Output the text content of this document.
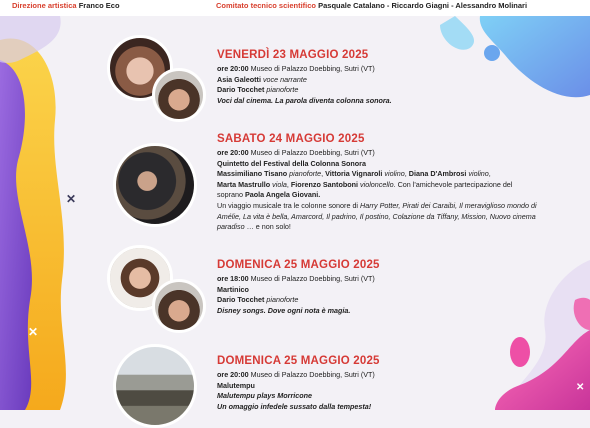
✕
✕
✕
Direzione artistica Franco Eco	Comitato tecnico scientifico Pasquale Catalano - Riccardo Giagni - Alessandro Molinari
VENERDÌ 23 MAGGIO 2025
ore 20:00 Museo di Palazzo Doebbing, Sutri (VT)
Asia Galeotti voce narrante
Dario Tocchet pianoforte
Voci dal cinema. La parola diventa colonna sonora.
SABATO 24 MAGGIO 2025
ore 20:00 Museo di Palazzo Doebbing, Sutri (VT)
Quintetto del Festival della Colonna Sonora
Massimiliano Tisano pianoforte, Vittoria Vignaroli violino, Diana D'Ambrosi violino,
Marta Mastrullo viola, Fiorenzo Santoboni violoncello. Con l'amichevole partecipazione del
soprano Paola Angela Giovani.
Un viaggio musicale tra le colonne sonore di Harry Potter, Pirati dei Caraibi, Il meraviglioso mondo di Amélie, La vita è bella, Amarcord, Il padrino, Il postino, Colazione da Tiffany, Mission, Nuovo cinema paradiso … e non solo!
DOMENICA 25 MAGGIO 2025
ore 18:00 Museo di Palazzo Doebbing, Sutri (VT)
Martinico
Dario Tocchet pianoforte
Disney songs. Dove ogni nota è magia.
DOMENICA 25 MAGGIO 2025
ore 20:00 Museo di Palazzo Doebbing, Sutri (VT)
Malutempu
Malutempu plays Morricone
Un omaggio infedele sussato dalla tempesta!
